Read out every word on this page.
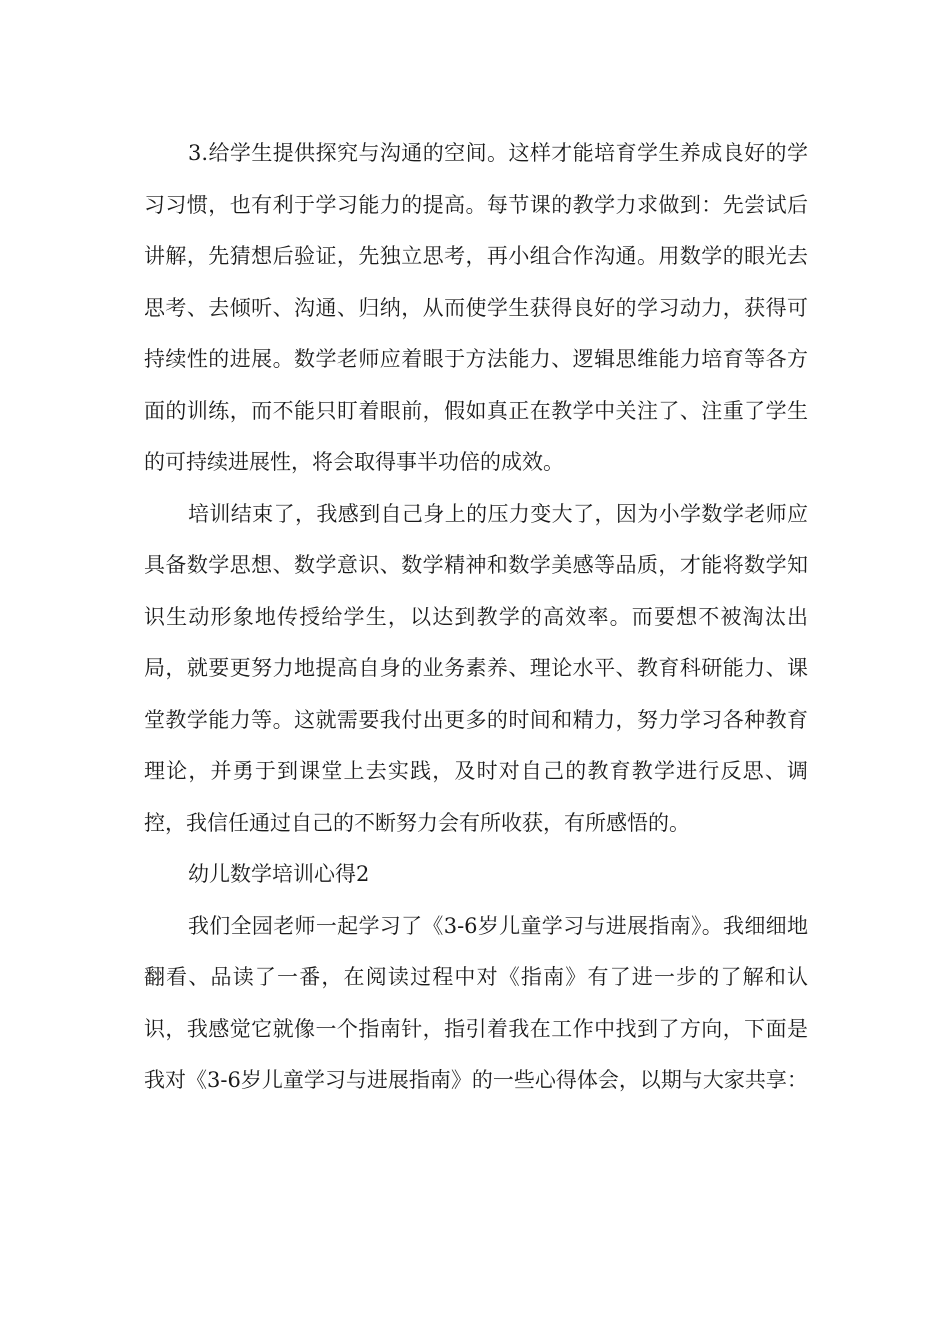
3.给学生提供探究与沟通的空间。这样才能培育学生养成良好的学习习惯，也有利于学习能力的提高。每节课的教学力求做到：先尝试后讲解，先猜想后验证，先独立思考，再小组合作沟通。用数学的眼光去思考、去倾听、沟通、归纳，从而使学生获得良好的学习动力，获得可持续性的进展。数学老师应着眼于方法能力、逻辑思维能力培育等各方面的训练，而不能只盯着眼前，假如真正在教学中关注了、注重了学生的可持续进展性，将会取得事半功倍的成效。

培训结束了，我感到自己身上的压力变大了，因为小学数学老师应具备数学思想、数学意识、数学精神和数学美感等品质，才能将数学知识生动形象地传授给学生，以达到教学的高效率。而要想不被淘汰出局，就要更努力地提高自身的业务素养、理论水平、教育科研能力、课堂教学能力等。这就需要我付出更多的时间和精力，努力学习各种教育理论，并勇于到课堂上去实践，及时对自己的教育教学进行反思、调控，我信任通过自己的不断努力会有所收获，有所感悟的。

幼儿数学培训心得2

我们全园老师一起学习了《3-6岁儿童学习与进展指南》。我细细地翻看、品读了一番，在阅读过程中对《指南》有了进一步的了解和认识，我感觉它就像一个指南针，指引着我在工作中找到了方向，下面是我对《3-6岁儿童学习与进展指南》的一些心得体会，以期与大家共享：
